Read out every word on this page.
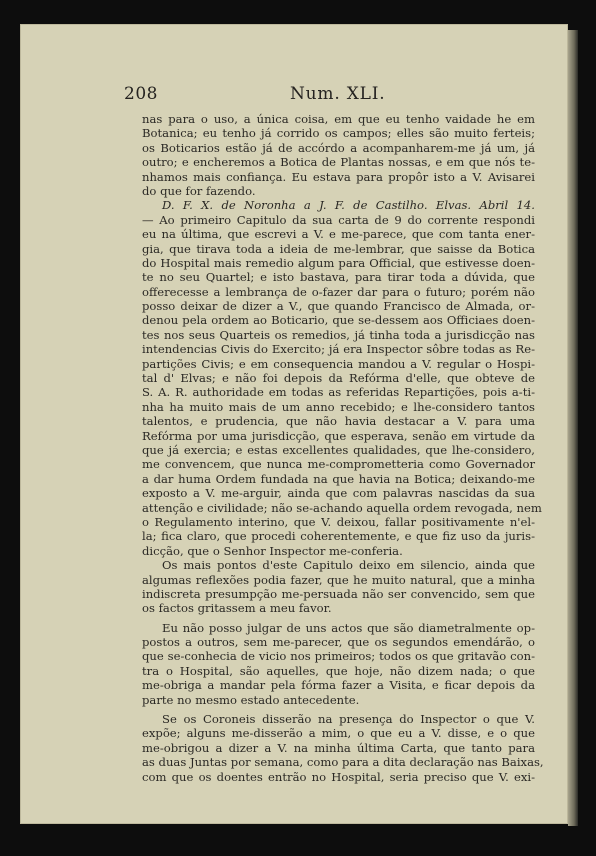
208	Num. XLI.
nas para o uso, a única coisa, em que eu tenho vaidade he em
Botanica; eu tenho já corrido os campos; elles são muito ferteis;
os Boticarios estão já de accórdo a acompanharem-me já um, já
outro; e encheremos a Botica de Plantas nossas, e em que nós te-
nhamos mais confiança. Eu estava para propôr isto a V. Avisarei
do que for fazendo.
D. F. X. de Noronha a J. F. de Castilho. Elvas. Abril 14.
— Ao primeiro Capitulo da sua carta de 9 do corrente respondi
eu na última, que escrevi a V. e me-parece, que com tanta ener-
gia, que tirava toda a ideia de me-lembrar, que saisse da Botica
do Hospital mais remedio algum para Official, que estivesse doen-
te no seu Quartel; e isto bastava, para tirar toda a dúvida, que
offerecesse a lembrança de o-fazer dar para o futuro; porém não
posso deixar de dizer a V., que quando Francisco de Almada, or-
denou pela ordem ao Boticario, que se-dessem aos Officiaes doen-
tes nos seus Quarteis os remedios, já tinha toda a jurisdicção nas
intendencias Civis do Exercito; já era Inspector sôbre todas as Re-
partições Civis; e em consequencia mandou a V. regular o Hospi-
tal d' Elvas; e não foi depois da Refórma d'elle, que obteve de
S. A. R. authoridade em todas as referidas Repartições, pois a-ti-
nha ha muito mais de um anno recebido; e lhe-considero tantos
talentos, e prudencia, que não havia destacar a V. para uma
Refórma por uma jurisdicção, que esperava, senão em virtude da
que já exercia; e estas excellentes qualidades, que lhe-considero,
me convencem, que nunca me-comprometteria como Governador
a dar huma Ordem fundada na que havia na Botica; deixando-me
exposto a V. me-arguir, ainda que com palavras nascidas da sua
attenção e civilidade; não se-achando aquella ordem revogada, nem
o Regulamento interino, que V. deixou, fallar positivamente n'el-
la; fica claro, que procedi coherentemente, e que fiz uso da juris-
dicção, que o Senhor Inspector me-conferia.
Os mais pontos d'este Capitulo deixo em silencio, ainda que
algumas reflexões podia fazer, que he muito natural, que a minha
indiscreta presumpção me-persuada não ser convencido, sem que
os factos gritassem a meu favor.
Eu não posso julgar de uns actos que são diametralmente op-
postos a outros, sem me-parecer, que os segundos emendárão, o
que se-conhecia de vicio nos primeiros; todos os que gritavão con-
tra o Hospital, são aquelles, que hoje, não dizem nada; o que
me-obriga a mandar pela fórma fazer a Visita, e ficar depois da
parte no mesmo estado antecedente.
Se os Coroneis disserão na presença do Inspector o que V.
expõe; alguns me-disserão a mim, o que eu a V. disse, e o que
me-obrigou a dizer a V. na minha última Carta, que tanto para
as duas Juntas por semana, como para a dita declaração nas Baixas,
com que os doentes entrão no Hospital, seria preciso que V. exi-
